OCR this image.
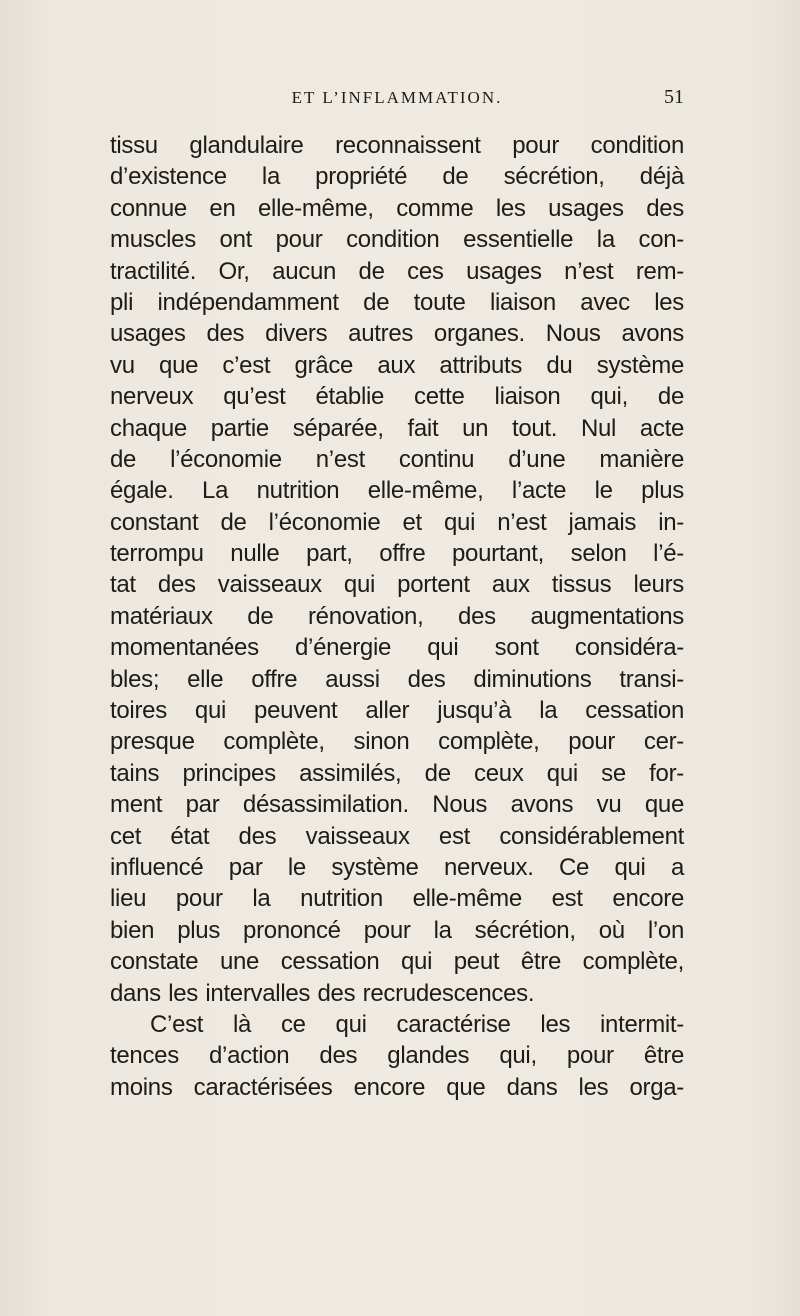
ET L’INFLAMMATION.	51
tissu glandulaire reconnaissent pour condition
d’existence la propriété de sécrétion, déjà
connue en elle-même, comme les usages des
muscles ont pour condition essentielle la con-
tractilité. Or, aucun de ces usages n’est rem-
pli indépendamment de toute liaison avec les
usages des divers autres organes. Nous avons
vu que c’est grâce aux attributs du système
nerveux qu’est établie cette liaison qui, de
chaque partie séparée, fait un tout. Nul acte
de l’économie n’est continu d’une manière
égale. La nutrition elle-même, l’acte le plus
constant de l’économie et qui n’est jamais in-
terrompu nulle part, offre pourtant, selon l’é-
tat des vaisseaux qui portent aux tissus leurs
matériaux de rénovation, des augmentations
momentanées d’énergie qui sont considéra-
bles; elle offre aussi des diminutions transi-
toires qui peuvent aller jusqu’à la cessation
presque complète, sinon complète, pour cer-
tains principes assimilés, de ceux qui se for-
ment par désassimilation. Nous avons vu que
cet état des vaisseaux est considérablement
influencé par le système nerveux. Ce qui a
lieu pour la nutrition elle-même est encore
bien plus prononcé pour la sécrétion, où l’on
constate une cessation qui peut être complète,
dans les intervalles des recrudescences.
C’est là ce qui caractérise les intermit-
tences d’action des glandes qui, pour être
moins caractérisées encore que dans les orga-
